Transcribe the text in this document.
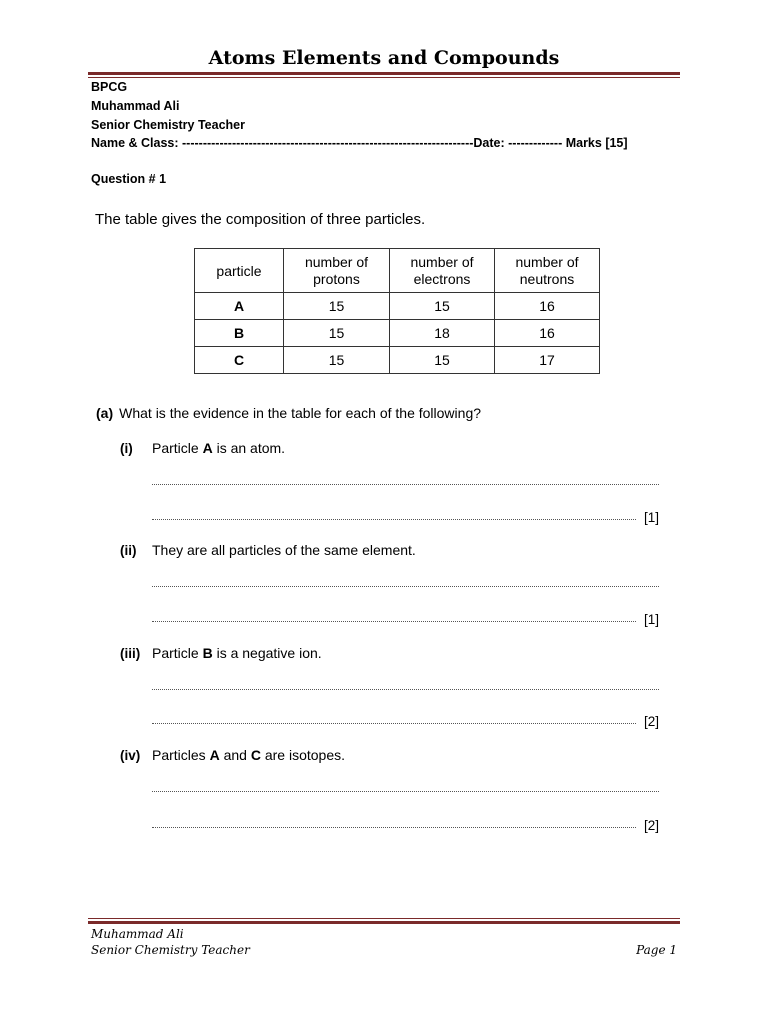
Atoms Elements and Compounds
BPCG
Muhammad Ali
Senior Chemistry Teacher
Name & Class: ----------------------------------------------------------------------Date: ------------- Marks [15]
Question # 1
The table gives the composition of three particles.
particle	number of protons	number of electrons	number of neutrons
A	15	15	16
B	15	18	16
C	15	15	17
(a) What is the evidence in the table for each of the following?
(i) Particle A is an atom.
[1]
(ii) They are all particles of the same element.
[1]
(iii) Particle B is a negative ion.
[2]
(iv) Particles A and C are isotopes.
[2]
Muhammad Ali
Senior Chemistry Teacher	Page 1
